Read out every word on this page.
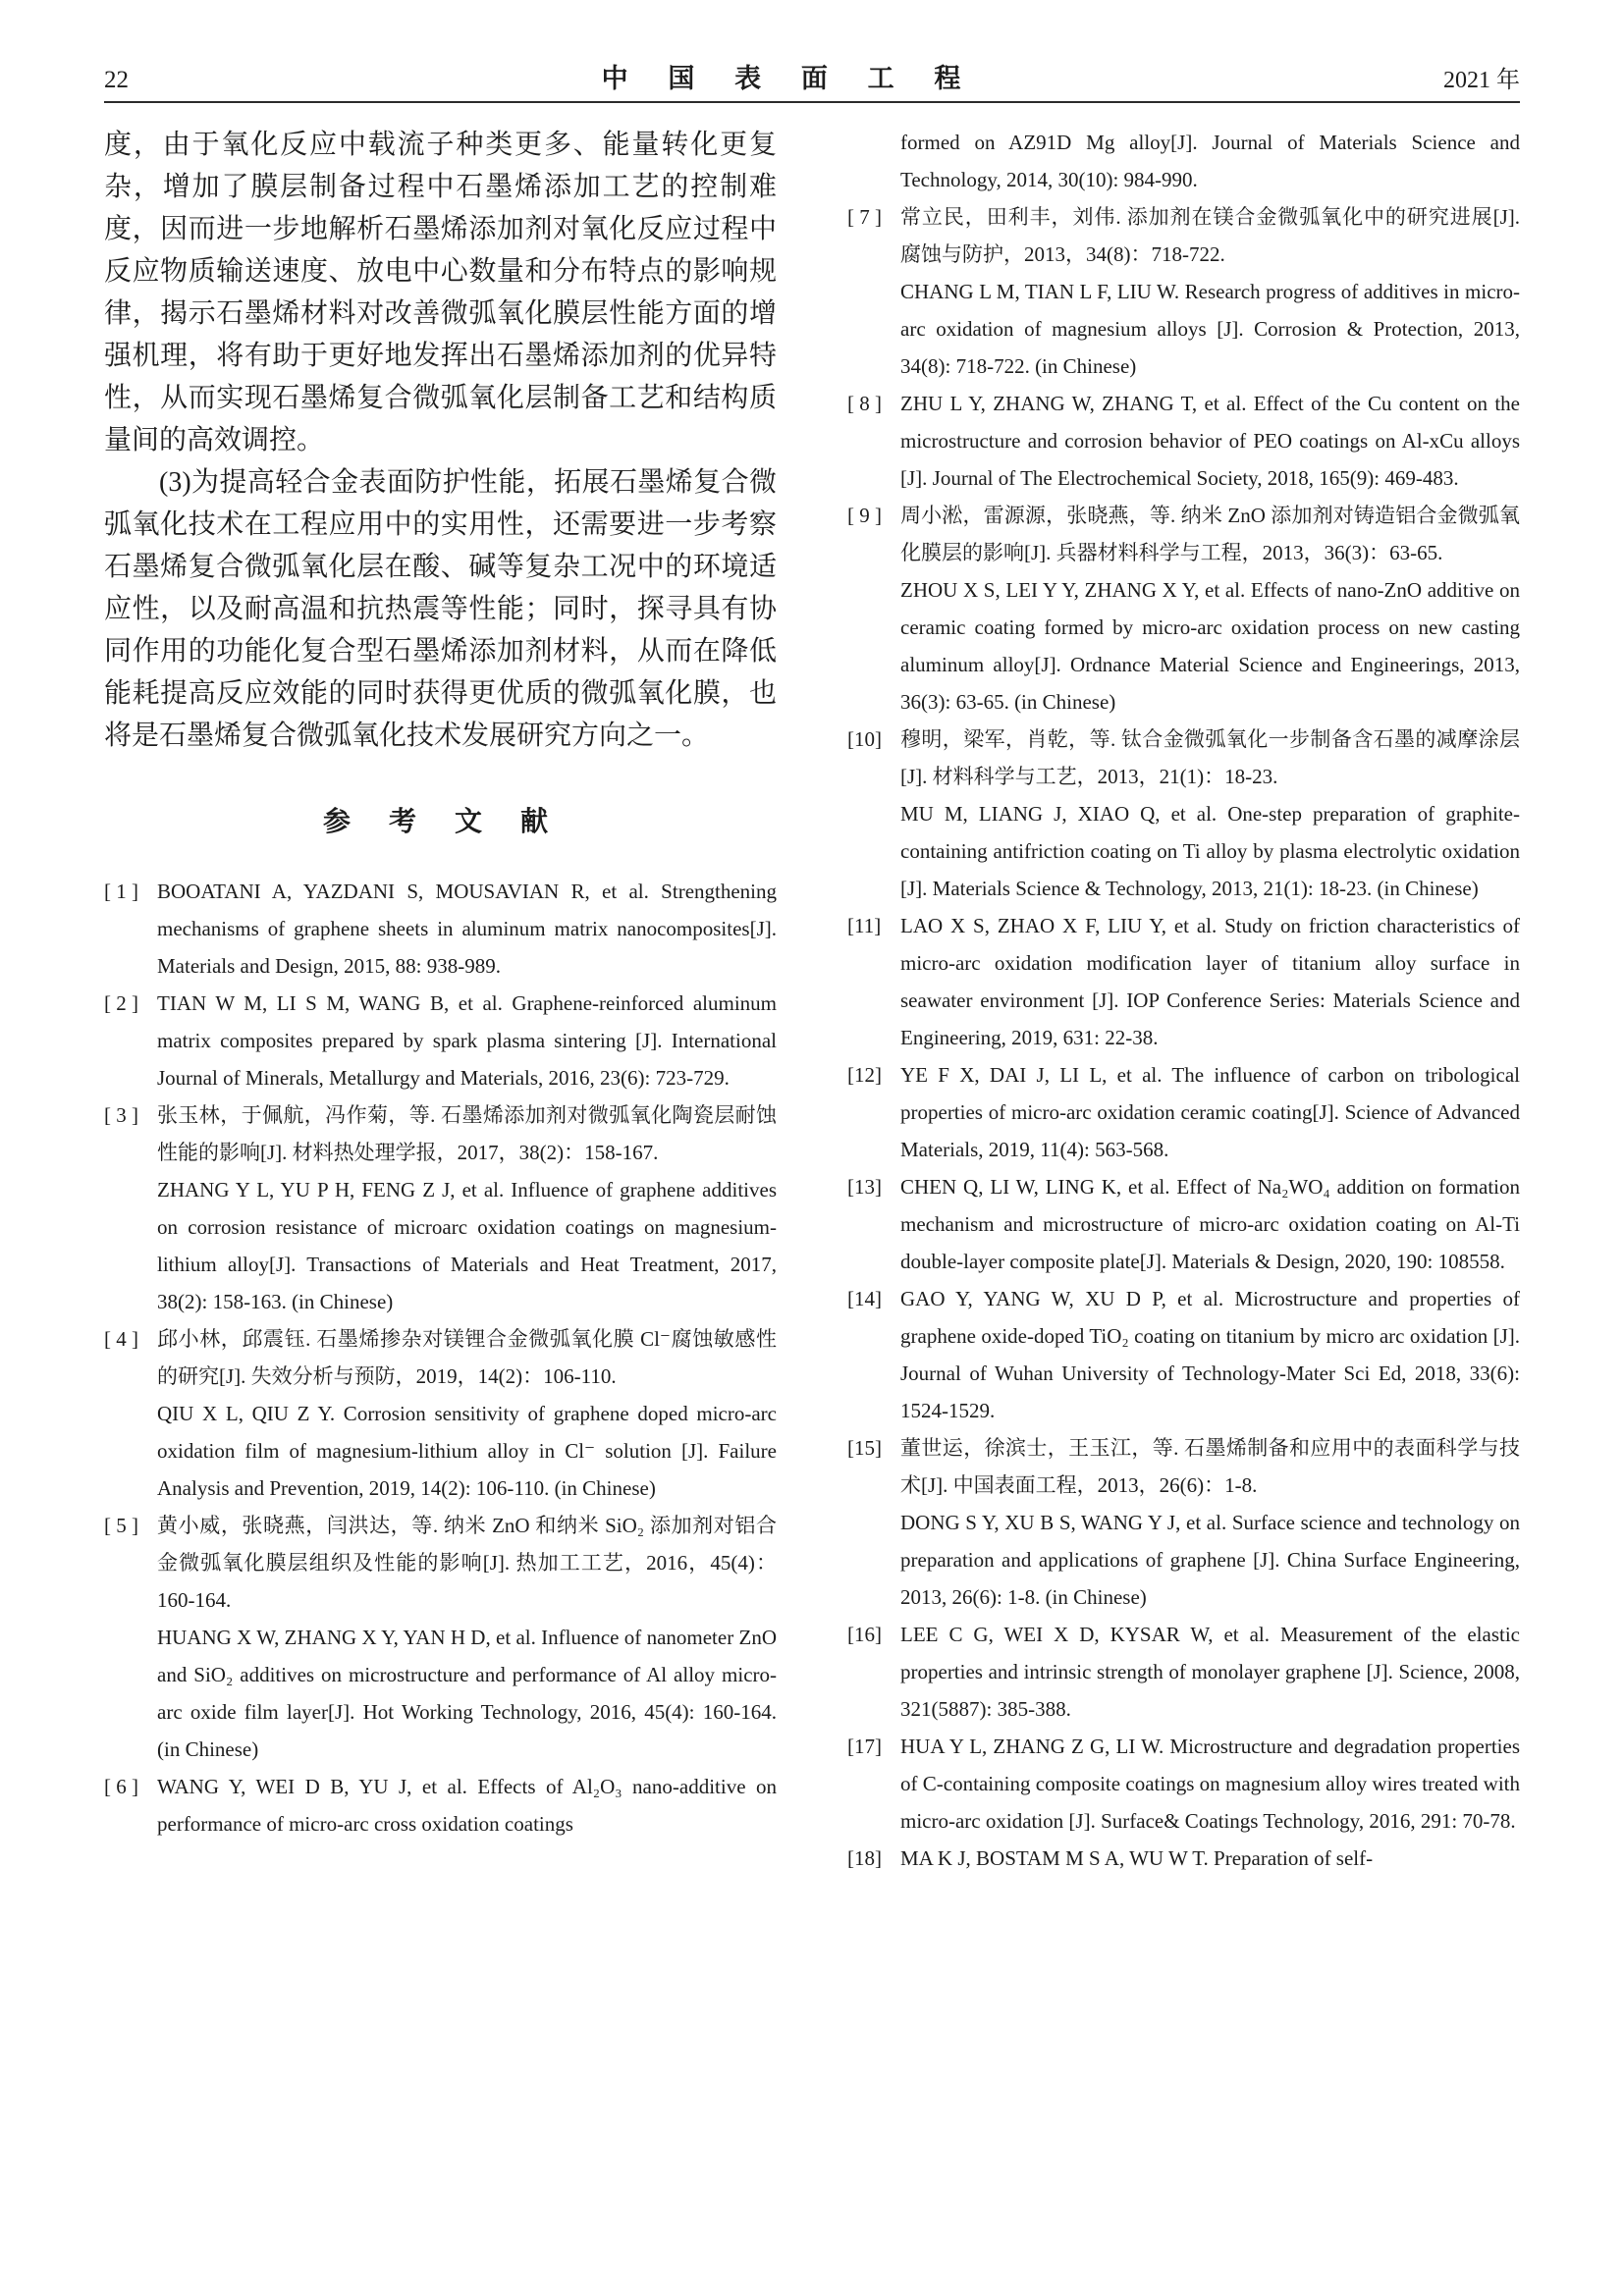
22	中 国 表 面 工 程	2021 年

度，由于氧化反应中载流子种类更多、能量转化更复杂，增加了膜层制备过程中石墨烯添加工艺的控制难度，因而进一步地解析石墨烯添加剂对氧化反应过程中反应物质输送速度、放电中心数量和分布特点的影响规律，揭示石墨烯材料对改善微弧氧化膜层性能方面的增强机理，将有助于更好地发挥出石墨烯添加剂的优异特性，从而实现石墨烯复合微弧氧化层制备工艺和结构质量间的高效调控。

(3)为提高轻合金表面防护性能，拓展石墨烯复合微弧氧化技术在工程应用中的实用性，还需要进一步考察石墨烯复合微弧氧化层在酸、碱等复杂工况中的环境适应性，以及耐高温和抗热震等性能；同时，探寻具有协同作用的功能化复合型石墨烯添加剂材料，从而在降低能耗提高反应效能的同时获得更优质的微弧氧化膜，也将是石墨烯复合微弧氧化技术发展研究方向之一。

参 考 文 献
[ 1 ] BOOATANI A, YAZDANI S, MOUSAVIAN R, et al. Strengthening mechanisms of graphene sheets in aluminum matrix nanocomposites[J]. Materials and Design, 2015, 88: 938-989.

[ 2 ] TIAN W M, LI S M, WANG B, et al. Graphene-reinforced aluminum matrix composites prepared by spark plasma sintering [J]. International Journal of Minerals, Metallurgy and Materials, 2016, 23(6): 723-729.

[ 3 ] 张玉林，于佩航，冯作菊，等. 石墨烯添加剂对微弧氧化陶瓷层耐蚀性能的影响[J]. 材料热处理学报，2017，38(2)：158-167.

ZHANG Y L, YU P H, FENG Z J, et al. Influence of graphene additives on corrosion resistance of microarc oxidation coatings on magnesium-lithium alloy[J]. Transactions of Materials and Heat Treatment, 2017, 38(2): 158-163. (in Chinese)

[ 4 ] 邱小林，邱震钰. 石墨烯掺杂对镁锂合金微弧氧化膜 Cl⁻腐蚀敏感性的研究[J]. 失效分析与预防，2019，14(2)：106-110.

QIU X L, QIU Z Y. Corrosion sensitivity of graphene doped micro-arc oxidation film of magnesium-lithium alloy in Cl⁻ solution [J]. Failure Analysis and Prevention, 2019, 14(2): 106-110. (in Chinese)

[ 5 ] 黄小威，张晓燕，闫洪达，等. 纳米 ZnO 和纳米 SiO₂ 添加剂对铝合金微弧氧化膜层组织及性能的影响[J]. 热加工工艺，2016，45(4)：160-164.

HUANG X W, ZHANG X Y, YAN H D, et al. Influence of nanometer ZnO and SiO₂ additives on microstructure and performance of Al alloy micro-arc oxide film layer[J]. Hot Working Technology, 2016, 45(4): 160-164. (in Chinese)

[ 6 ] WANG Y, WEI D B, YU J, et al. Effects of Al₂O₃ nano-additive on performance of micro-arc cross oxidation coatings

formed on AZ91D Mg alloy[J]. Journal of Materials Science and Technology, 2014, 30(10): 984-990.

[ 7 ] 常立民，田利丰，刘伟. 添加剂在镁合金微弧氧化中的研究进展[J]. 腐蚀与防护，2013，34(8)：718-722.

CHANG L M, TIAN L F, LIU W. Research progress of additives in micro-arc oxidation of magnesium alloys [J]. Corrosion & Protection, 2013, 34(8): 718-722. (in Chinese)

[ 8 ] ZHU L Y, ZHANG W, ZHANG T, et al. Effect of the Cu content on the microstructure and corrosion behavior of PEO coatings on Al-xCu alloys [J]. Journal of The Electrochemical Society, 2018, 165(9): 469-483.

[ 9 ] 周小淞，雷源源，张晓燕，等. 纳米 ZnO 添加剂对铸造铝合金微弧氧化膜层的影响[J]. 兵器材料科学与工程，2013，36(3)：63-65.

ZHOU X S, LEI Y Y, ZHANG X Y, et al. Effects of nano-ZnO additive on ceramic coating formed by micro-arc oxidation process on new casting aluminum alloy[J]. Ordnance Material Science and Engineerings, 2013, 36(3): 63-65. (in Chinese)

[10] 穆明，梁军，肖乾，等. 钛合金微弧氧化一步制备含石墨的减摩涂层[J]. 材料科学与工艺，2013，21(1)：18-23.

MU M, LIANG J, XIAO Q, et al. One-step preparation of graphite-containing antifriction coating on Ti alloy by plasma electrolytic oxidation [J]. Materials Science & Technology, 2013, 21(1): 18-23. (in Chinese)

[11] LAO X S, ZHAO X F, LIU Y, et al. Study on friction characteristics of micro-arc oxidation modification layer of titanium alloy surface in seawater environment [J]. IOP Conference Series: Materials Science and Engineering, 2019, 631: 22-38.

[12] YE F X, DAI J, LI L, et al. The influence of carbon on tribological properties of micro-arc oxidation ceramic coating[J]. Science of Advanced Materials, 2019, 11(4): 563-568.

[13] CHEN Q, LI W, LING K, et al. Effect of Na₂WO₄ addition on formation mechanism and microstructure of micro-arc oxidation coating on Al-Ti double-layer composite plate[J]. Materials & Design, 2020, 190: 108558.

[14] GAO Y, YANG W, XU D P, et al. Microstructure and properties of graphene oxide-doped TiO₂ coating on titanium by micro arc oxidation [J]. Journal of Wuhan University of Technology-Mater Sci Ed, 2018, 33(6): 1524-1529.

[15] 董世运，徐滨士，王玉江，等. 石墨烯制备和应用中的表面科学与技术[J]. 中国表面工程，2013，26(6)：1-8.

DONG S Y, XU B S, WANG Y J, et al. Surface science and technology on preparation and applications of graphene [J]. China Surface Engineering, 2013, 26(6): 1-8. (in Chinese)

[16] LEE C G, WEI X D, KYSAR W, et al. Measurement of the elastic properties and intrinsic strength of monolayer graphene [J]. Science, 2008, 321(5887): 385-388.

[17] HUA Y L, ZHANG Z G, LI W. Microstructure and degradation properties of C-containing composite coatings on magnesium alloy wires treated with micro-arc oxidation [J]. Surface& Coatings Technology, 2016, 291: 70-78.

[18] MA K J, BOSTAM M S A, WU W T. Preparation of self-
